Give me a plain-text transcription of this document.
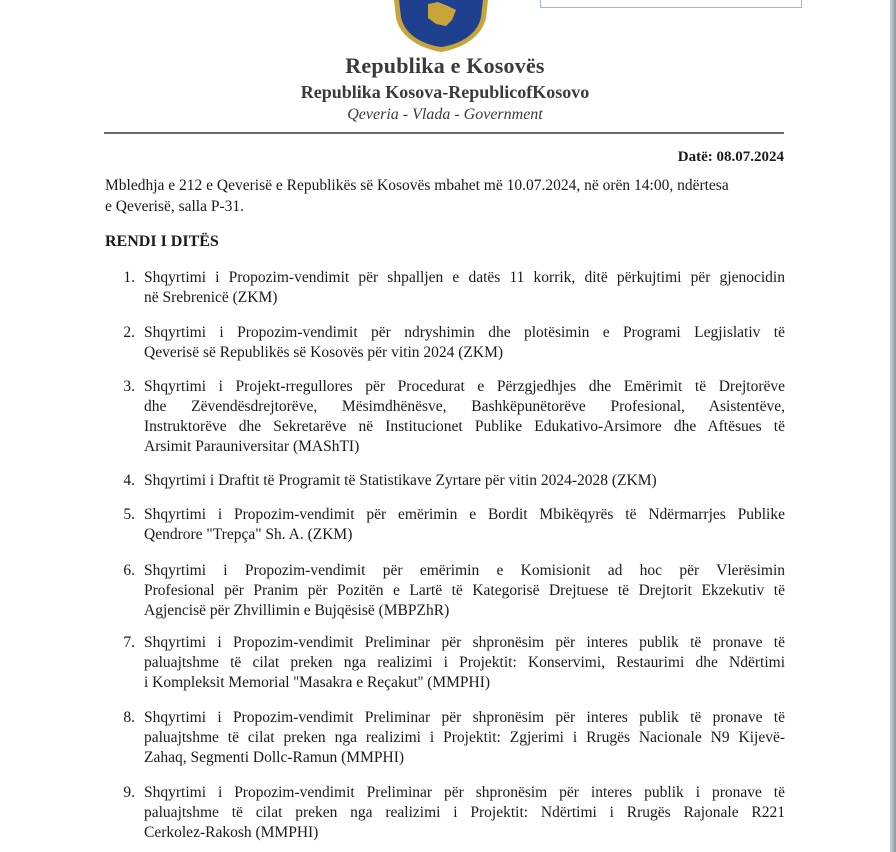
Republika e Kosovës
Republika Kosova-RepublicofKosovo
Qeveria - Vlada - Government
Datë: 08.07.2024
Mbledhja e 212 e Qeverisë e Republikës së Kosovës mbahet më 10.07.2024, në orën 14:00, ndërtesa
e Qeverisë, salla P-31.
RENDI I DITËS
1. Shqyrtimi i Propozim-vendimit për shpalljen e datës 11 korrik, ditë përkujtimi për gjenocidin
në Srebrenicë (ZKM)
2. Shqyrtimi i Propozim-vendimit për ndryshimin dhe plotësimin e Programi Legjislativ të
Qeverisë së Republikës së Kosovës për vitin 2024 (ZKM)
3. Shqyrtimi i Projekt-rregullores për Procedurat e Përzgjedhjes dhe Emërimit të Drejtorëve
dhe Zëvendësdrejtorëve, Mësimdhënësve, Bashkëpunëtorëve Profesional, Asistentëve,
Instruktorëve dhe Sekretarëve në Institucionet Publike Edukativo-Arsimore dhe Aftësues të
Arsimit Parauniversitar (MAShTI)
4. Shqyrtimi i Draftit të Programit të Statistikave Zyrtare për vitin 2024-2028 (ZKM)
5. Shqyrtimi i Propozim-vendimit për emërimin e Bordit Mbikëqyrës të Ndërmarrjes Publike
Qendrore "Trepça" Sh. A. (ZKM)
6. Shqyrtimi i Propozim-vendimit për emërimin e Komisionit ad hoc për Vlerësimin
Profesional për Pranim për Pozitën e Lartë të Kategorisë Drejtuese të Drejtorit Ekzekutiv të
Agjencisë për Zhvillimin e Bujqësisë (MBPZhR)
7. Shqyrtimi i Propozim-vendimit Preliminar për shpronësim për interes publik të pronave të
paluajtshme të cilat preken nga realizimi i Projektit: Konservimi, Restaurimi dhe Ndërtimi
i Kompleksit Memorial ''Masakra e Reçakut'' (MMPHI)
8. Shqyrtimi i Propozim-vendimit Preliminar për shpronësim për interes publik të pronave të
paluajtshme të cilat preken nga realizimi i Projektit: Zgjerimi i Rrugës Nacionale N9 Kijevë-
Zahaq, Segmenti Dollc-Ramun (MMPHI)
9. Shqyrtimi i Propozim-vendimit Preliminar për shpronësim për interes publik i pronave të
paluajtshme të cilat preken nga realizimi i Projektit: Ndërtimi i Rrugës Rajonale R221
Cerkolez-Rakosh (MMPHI)
